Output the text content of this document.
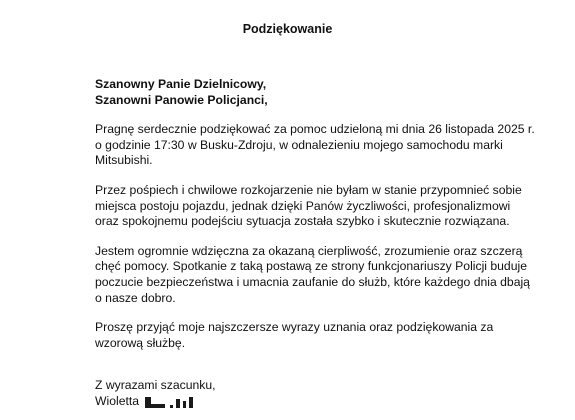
Podziękowanie
Szanowny Panie Dzielnicowy,
Szanowni Panowie Policjanci,

Pragnę serdecznie podziękować za pomoc udzieloną mi dnia 26 listopada 2025 r. o godzinie 17:30 w Busku-Zdroju, w odnalezieniu mojego samochodu marki Mitsubishi.

Przez pośpiech i chwilowe rozkojarzenie nie byłam w stanie przypomnieć sobie miejsca postoju pojazdu, jednak dzięki Panów życzliwości, profesjonalizmowi oraz spokojnemu podejściu sytuacja została szybko i skutecznie rozwiązana.

Jestem ogromnie wdzięczna za okazaną cierpliwość, zrozumienie oraz szczerą chęć pomocy. Spotkanie z taką postawą ze strony funkcjonariuszy Policji buduje poczucie bezpieczeństwa i umacnia zaufanie do służb, które każdego dnia dbają o nasze dobro.

Proszę przyjąć moje najszczersze wyrazy uznania oraz podziękowania za wzorową służbę.

Z wyrazami szacunku,
Wioletta
